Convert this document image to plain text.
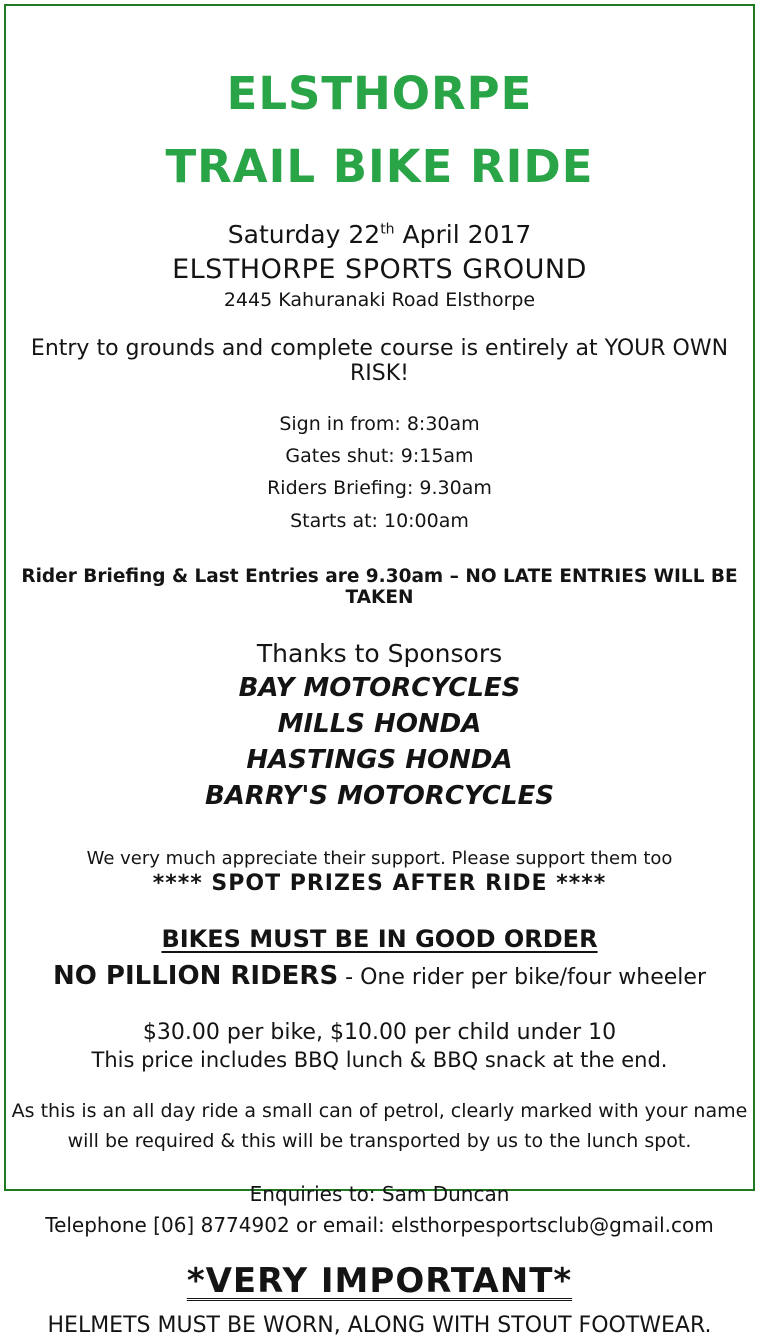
ELSTHORPE
TRAIL BIKE RIDE
Saturday 22th April 2017
ELSTHORPE SPORTS GROUND
2445 Kahuranaki Road Elsthorpe
Entry to grounds and complete course is entirely at YOUR OWN RISK!
Sign in from: 8:30am
Gates shut: 9:15am
Riders Briefing: 9.30am
Starts at: 10:00am
Rider Briefing & Last Entries are 9.30am – NO LATE ENTRIES WILL BE TAKEN
Thanks to Sponsors
BAY MOTORCYCLES
MILLS HONDA
HASTINGS HONDA
BARRY'S MOTORCYCLES
We very much appreciate their support. Please support them too
**** SPOT PRIZES AFTER RIDE ****
BIKES MUST BE IN GOOD ORDER
NO PILLION RIDERS - One rider per bike/four wheeler
$30.00 per bike, $10.00 per child under 10
This price includes BBQ lunch & BBQ snack at the end.
As this is an all day ride a small can of petrol, clearly marked with your name
will be required & this will be transported by us to the lunch spot.
Enquiries to: Sam Duncan
Telephone [06] 8774902 or email: elsthorpesportsclub@gmail.com
*VERY IMPORTANT*
HELMETS MUST BE WORN, ALONG WITH STOUT FOOTWEAR.
